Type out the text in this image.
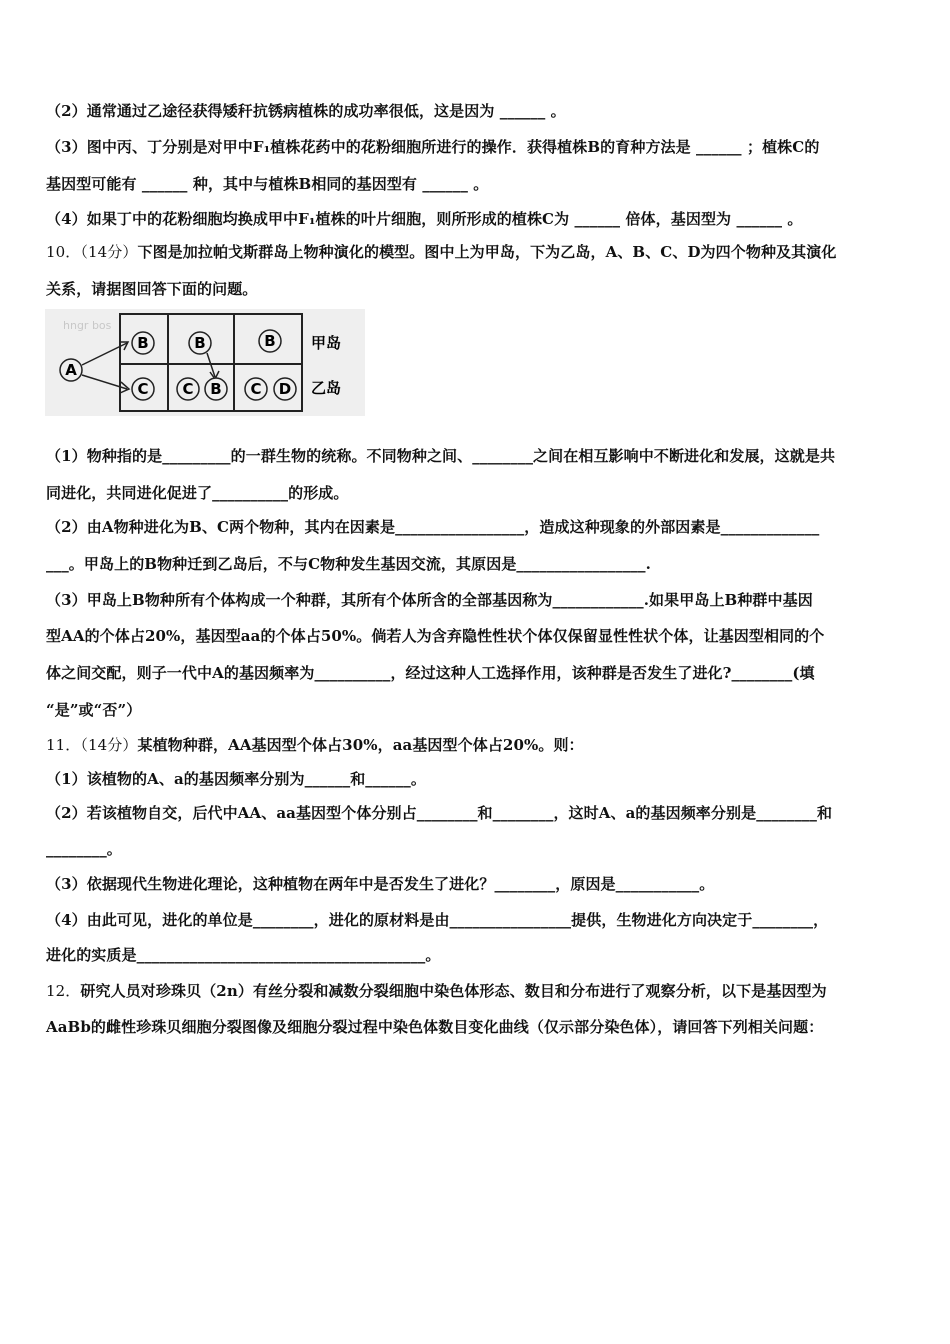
（2）通常通过乙途径获得矮秆抗锈病植株的成功率很低，这是因为 ______ 。
（3）图中丙、丁分别是对甲中F₁植株花药中的花粉细胞所进行的操作．获得植株B的育种方法是 ______ ；植株C的
基因型可能有 ______ 种，其中与植株B相同的基因型有 ______ 。
（4）如果丁中的花粉细胞均换成甲中F₁植株的叶片细胞，则所形成的植株C为 ______ 倍体，基因型为 ______ 。
10．（14分）下图是加拉帕戈斯群岛上物种演化的模型。图中上为甲岛，下为乙岛，A、B、C、D为四个物种及其演化
关系，请据图回答下面的问题。
hngr bos
A
B	B	B
C C B C D
甲岛
乙岛
（1）物种指的是_________的一群生物的统称。不同物种之间、________之间在相互影响中不断进化和发展，这就是共
同进化，共同进化促进了__________的形成。
（2）由A物种进化为B、C两个物种，其内在因素是_________________，造成这种现象的外部因素是_____________
___。甲岛上的B物种迁到乙岛后，不与C物种发生基因交流，其原因是_________________.
（3）甲岛上B物种所有个体构成一个种群，其所有个体所含的全部基因称为____________.如果甲岛上B种群中基因
型AA的个体占20%，基因型aa的个体占50%。倘若人为含弃隐性性状个体仅保留显性性状个体，让基因型相同的个
体之间交配，则子一代中A的基因频率为__________，经过这种人工选择作用，该种群是否发生了进化?________(填
“是”或“否”）
11．（14分）某植物种群，AA基因型个体占30%，aa基因型个体占20%。则：
（1）该植物的A、a的基因频率分别为______和______。
（2）若该植物自交，后代中AA、aa基因型个体分别占________和________，这时A、a的基因频率分别是________和
________。
（3）依据现代生物进化理论，这种植物在两年中是否发生了进化？________，原因是___________。
（4）由此可见，进化的单位是________，进化的原材料是由________________提供，生物进化方向决定于________，
进化的实质是______________________________________。
12．研究人员对珍珠贝（2n）有丝分裂和减数分裂细胞中染色体形态、数目和分布进行了观察分析，以下是基因型为
AaBb的雌性珍珠贝细胞分裂图像及细胞分裂过程中染色体数目变化曲线（仅示部分染色体），请回答下列相关问题：
